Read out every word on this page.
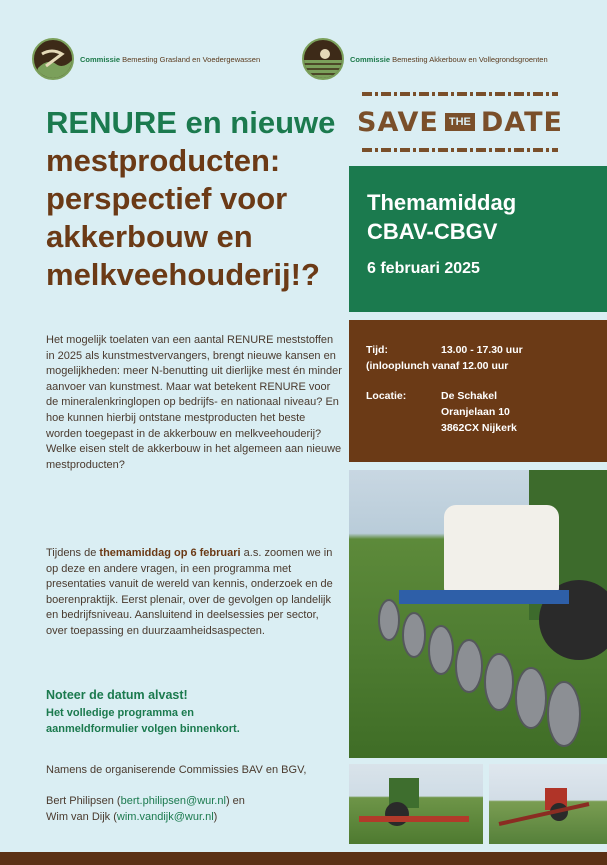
Commissie Bemesting Grasland en Voedergewassen	Commissie Bemesting Akkerbouw en Vollegrondsgroenten
RENURE en nieuwe
mestproducten: perspectief voor akkerbouw en melkveehouderij!?
SAVE THE DATE
Themamiddag
CBAV-CBGV
6 februari 2025
Tijd:	13.00 - 17.30 uur
(inlooplunch vanaf 12.00 uur
Locatie:	De Schakel
Oranjelaan 10
3862CX Nijkerk

Het mogelijk toelaten van een aantal RENURE meststoffen in 2025 als kunstmestvervangers, brengt nieuwe kansen en mogelijkheden: meer N-benutting uit dierlijke mest én minder aanvoer van kunstmest. Maar wat betekent RENURE voor de mineralenkringlopen op bedrijfs- en nationaal niveau? En hoe kunnen hierbij ontstane mestproducten het beste worden toegepast in de akkerbouw en melkveehouderij? Welke eisen stelt de akkerbouw in het algemeen aan nieuwe mestproducten?

Tijdens de themamiddag op 6 februari a.s. zoomen we in op deze en andere vragen, in een programma met presentaties vanuit de wereld van kennis, onderzoek en de boerenpraktijk. Eerst plenair, over de gevolgen op landelijk en bedrijfsniveau. Aansluitend in deelsessies per sector, over toepassing en duurzaamheidsaspecten.

Noteer de datum alvast!
Het volledige programma en aanmeldformulier volgen binnenkort.
Namens de organiserende Commissies BAV en BGV,
Bert Philipsen (bert.philipsen@wur.nl) en
Wim van Dijk (wim.vandijk@wur.nl)
